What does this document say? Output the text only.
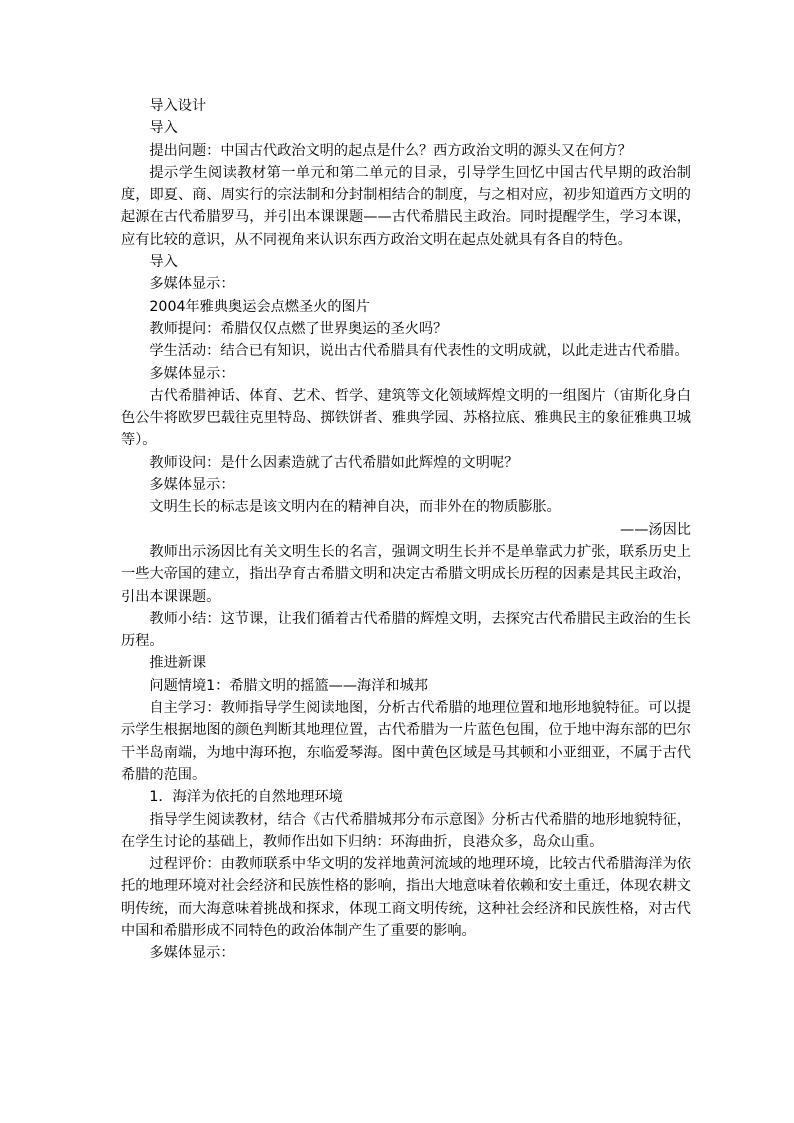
导入设计

导入

提出问题：中国古代政治文明的起点是什么？西方政治文明的源头又在何方？

提示学生阅读教材第一单元和第二单元的目录，引导学生回忆中国古代早期的政治制度，即夏、商、周实行的宗法制和分封制相结合的制度，与之相对应，初步知道西方文明的起源在古代希腊罗马，并引出本课课题——古代希腊民主政治。同时提醒学生，学习本课，应有比较的意识，从不同视角来认识东西方政治文明在起点处就具有各自的特色。

导入

多媒体显示：

2004年雅典奥运会点燃圣火的图片

教师提问：希腊仅仅点燃了世界奥运的圣火吗？

学生活动：结合已有知识，说出古代希腊具有代表性的文明成就，以此走进古代希腊。

多媒体显示：

古代希腊神话、体育、艺术、哲学、建筑等文化领域辉煌文明的一组图片（宙斯化身白色公牛将欧罗巴载往克里特岛、掷铁饼者、雅典学园、苏格拉底、雅典民主的象征雅典卫城等）。

教师设问：是什么因素造就了古代希腊如此辉煌的文明呢？

多媒体显示：

文明生长的标志是该文明内在的精神自决，而非外在的物质膨胀。

——汤因比

教师出示汤因比有关文明生长的名言，强调文明生长并不是单靠武力扩张，联系历史上一些大帝国的建立，指出孕育古希腊文明和决定古希腊文明成长历程的因素是其民主政治，引出本课课题。

教师小结：这节课，让我们循着古代希腊的辉煌文明，去探究古代希腊民主政治的生长历程。

推进新课

问题情境1：希腊文明的摇篮——海洋和城邦

自主学习：教师指导学生阅读地图，分析古代希腊的地理位置和地形地貌特征。可以提示学生根据地图的颜色判断其地理位置，古代希腊为一片蓝色包围，位于地中海东部的巴尔干半岛南端，为地中海环抱，东临爱琴海。图中黄色区域是马其顿和小亚细亚，不属于古代希腊的范围。

1．海洋为依托的自然地理环境

指导学生阅读教材，结合《古代希腊城邦分布示意图》分析古代希腊的地形地貌特征，在学生讨论的基础上，教师作出如下归纳：环海曲折，良港众多，岛众山重。

过程评价：由教师联系中华文明的发祥地黄河流域的地理环境，比较古代希腊海洋为依托的地理环境对社会经济和民族性格的影响，指出大地意味着依赖和安土重迁，体现农耕文明传统，而大海意味着挑战和探求，体现工商文明传统，这种社会经济和民族性格，对古代中国和希腊形成不同特色的政治体制产生了重要的影响。

多媒体显示：
